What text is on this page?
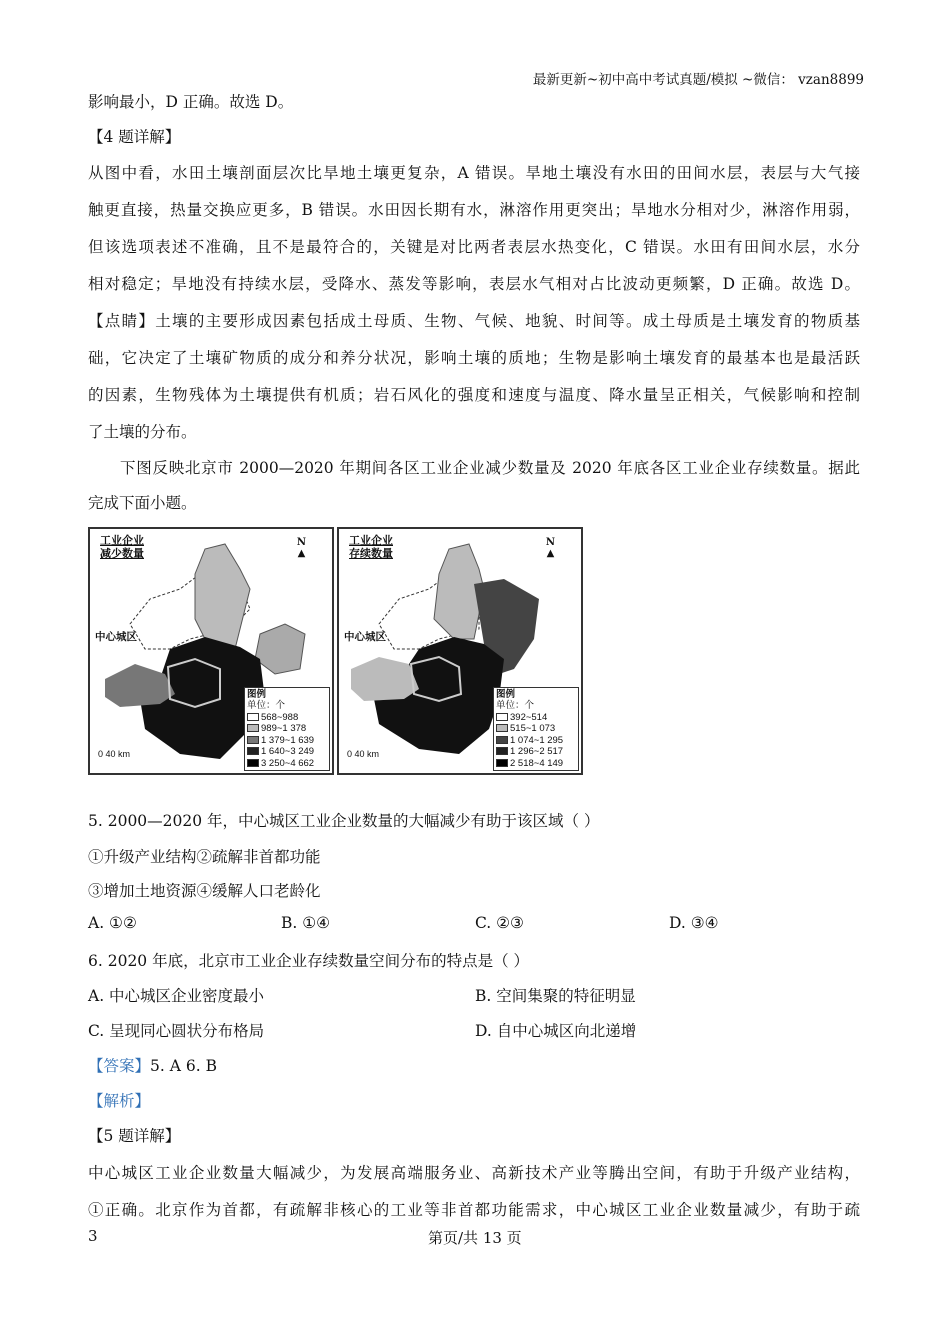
最新更新~初中高中考试真题/模拟 ~微信： vzan8899
影响最小，D 正确。故选 D。
【4 题详解】
从图中看，水田土壤剖面层次比旱地土壤更复杂，A 错误。旱地土壤没有水田的田间水层，表层与大气接
触更直接，热量交换应更多，B 错误。水田因长期有水，淋溶作用更突出；旱地水分相对少，淋溶作用弱，
但该选项表述不准确，且不是最符合的，关键是对比两者表层水热变化，C 错误。水田有田间水层，水分
相对稳定；旱地没有持续水层，受降水、蒸发等影响，表层水气相对占比波动更频繁，D 正确。故选 D。
【点睛】土壤的主要形成因素包括成土母质、生物、气候、地貌、时间等。成土母质是土壤发育的物质基
础，它决定了土壤矿物质的成分和养分状况，影响土壤的质地；生物是影响土壤发育的最基本也是最活跃
的因素，生物残体为土壤提供有机质；岩石风化的强度和速度与温度、降水量呈正相关，气候影响和控制
了土壤的分布。
下图反映北京市 2000—2020 年期间各区工业企业减少数量及 2020 年底各区工业企业存续数量。据此
完成下面小题。
工业企业
减少数量
N
▲
中心城区
0 40 km
图例
单位：个
568~988
989~1 378
1 379~1 639
1 640~3 249
3 250~4 662
工业企业
存续数量
N
▲
中心城区
0 40 km
图例
单位：个
392~514
515~1 073
1 074~1 295
1 296~2 517
2 518~4 149
5. 2000—2020 年，中心城区工业企业数量的大幅减少有助于该区域（ ）
①升级产业结构②疏解非首都功能
③增加土地资源④缓解人口老龄化
A. ①②	B. ①④	C. ②③	D. ③④
6. 2020 年底，北京市工业企业存续数量空间分布的特点是（ ）
A. 中心城区企业密度最小	B. 空间集聚的特征明显
C. 呈现同心圆状分布格局	D. 自中心城区向北递增
【答案】5. A 6. B
【解析】
【5 题详解】
中心城区工业企业数量大幅减少，为发展高端服务业、高新技术产业等腾出空间，有助于升级产业结构，
①正确。北京作为首都，有疏解非核心的工业等非首都功能需求，中心城区工业企业数量减少，有助于疏
3	第页/共 13 页
